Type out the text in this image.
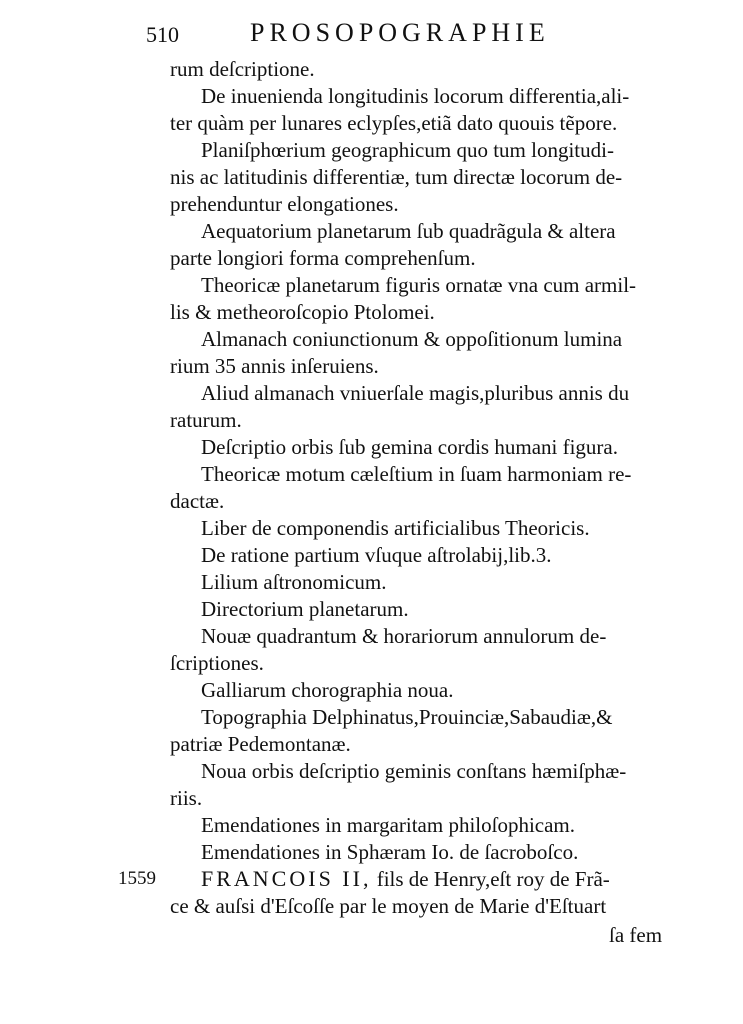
510	PROSOPOGRAPHIE
rum deſcriptione.
De inuenienda longitudinis locorum differentia,ali-
ter quàm per lunares eclypſes,etiã dato quouis tẽpore.
Planiſphœrium geographicum quo tum longitudi-
nis ac latitudinis differentiæ, tum directæ locorum de-
prehenduntur elongationes.
Aequatorium planetarum ſub quadrãgula & altera
parte longiori forma comprehenſum.
Theoricæ planetarum figuris ornatæ vna cum armil-
lis & metheoroſcopio Ptolomei.
Almanach coniunctionum & oppoſitionum lumina
rium 35 annis inſeruiens.
Aliud almanach vniuerſale magis,pluribus annis du
raturum.
Deſcriptio orbis ſub gemina cordis humani figura.
Theoricæ motum cæleſtium in ſuam harmoniam re-
dactæ.
Liber de componendis artificialibus Theoricis.
De ratione partium vſuque aſtrolabij,lib.3.
Lilium aſtronomicum.
Directorium planetarum.
Nouæ quadrantum & horariorum annulorum de-
ſcriptiones.
Galliarum chorographia noua.
Topographia Delphinatus,Prouinciæ,Sabaudiæ,&
patriæ Pedemontanæ.
Noua orbis deſcriptio geminis conſtans hæmiſphæ-
riis.
Emendationes in margaritam philoſophicam.
Emendationes in Sphæram Io. de ſacroboſco.
1559 FRANCOIS II, fils de Henry,eſt roy de Frã-
ce & auſsi d'Eſcoſſe par le moyen de Marie d'Eſtuart
ſa fem
